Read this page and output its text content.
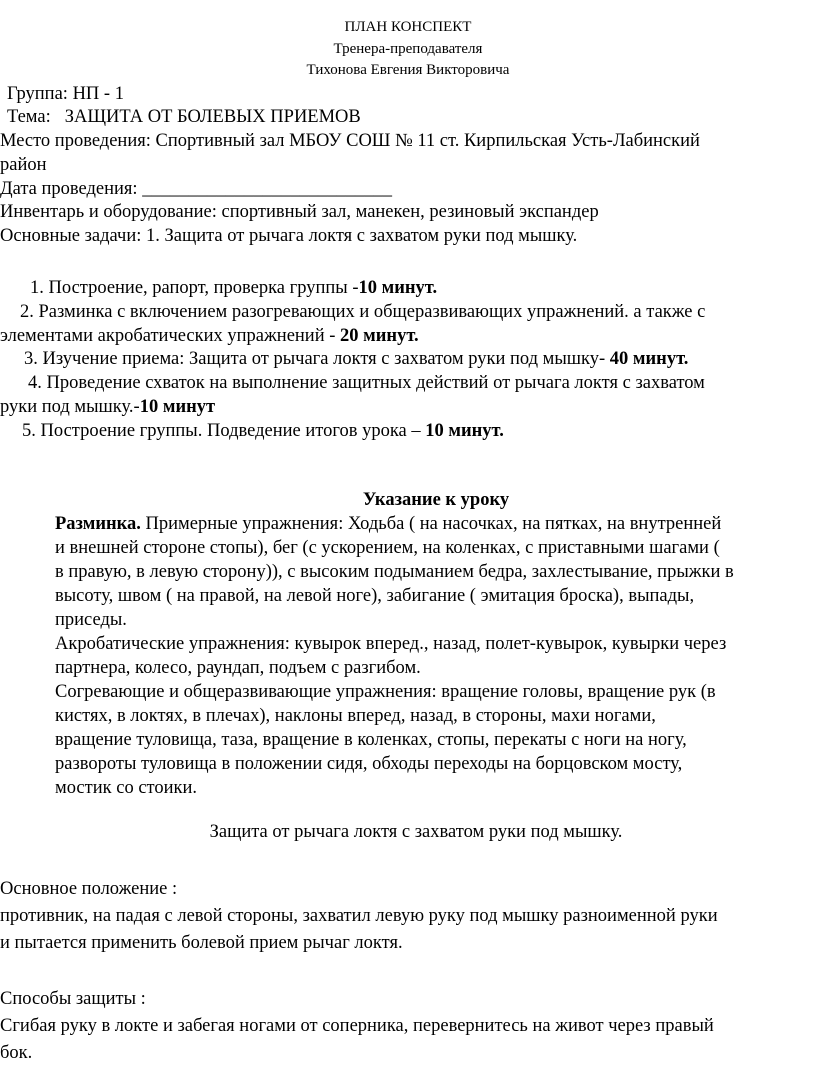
ПЛАН КОНСПЕКТ

Тренера-преподавателя

Тихонова Евгения Викторовича

Группа: НП - 1

Тема: ЗАЩИТА ОТ БОЛЕВЫХ ПРИЕМОВ

Место проведения: Спортивный зал МБОУ СОШ № 11 ст. Кирпильская Усть-Лабинский

район

Дата проведения: ___________________________

Инвентарь и оборудование: спортивный зал, манекен, резиновый экспандер

Основные задачи: 1. Защита от рычага локтя с захватом руки под мышку.

1. Построение, рапорт, проверка группы -10 минут.

2. Разминка с включением разогревающих и общеразвивающих упражнений. а также с

элементами акробатических упражнений - 20 минут.

3. Изучение приема: Защита от рычага локтя с захватом руки под мышку- 40 минут.

4. Проведение схваток на выполнение защитных действий от рычага локтя с захватом

руки под мышку.-10 минут

5. Построение группы. Подведение итогов урока – 10 минут.

Указание к уроку

Разминка. Примерные упражнения: Ходьба ( на насочках, на пятках, на внутренней

и внешней стороне стопы), бег (с ускорением, на коленках, с приставными шагами (

в правую, в левую сторону)), с высоким подыманием бедра, захлестывание, прыжки в

высоту, швом ( на правой, на левой ноге), забигание ( эмитация броска), выпады,

приседы.

Акробатические упражнения: кувырок вперед., назад, полет-кувырок, кувырки через

партнера, колесо, раундап, подъем с разгибом.

Согревающие и общеразвивающие упражнения: вращение головы, вращение рук (в

кистях, в локтях, в плечах), наклоны вперед, назад, в стороны, махи ногами,

вращение туловища, таза, вращение в коленках, стопы, перекаты с ноги на ногу,

развороты туловища в положении сидя, обходы переходы на борцовском мосту,

мостик со стоики.

Защита от рычага локтя с захватом руки под мышку.

Основное положение :

противник, на падая с левой стороны, захватил левую руку под мышку разноименной руки

и пытается применить болевой прием рычаг локтя.

Способы защиты :

Сгибая руку в локте и забегая ногами от соперника, перевернитесь на живот через правый

бок.
